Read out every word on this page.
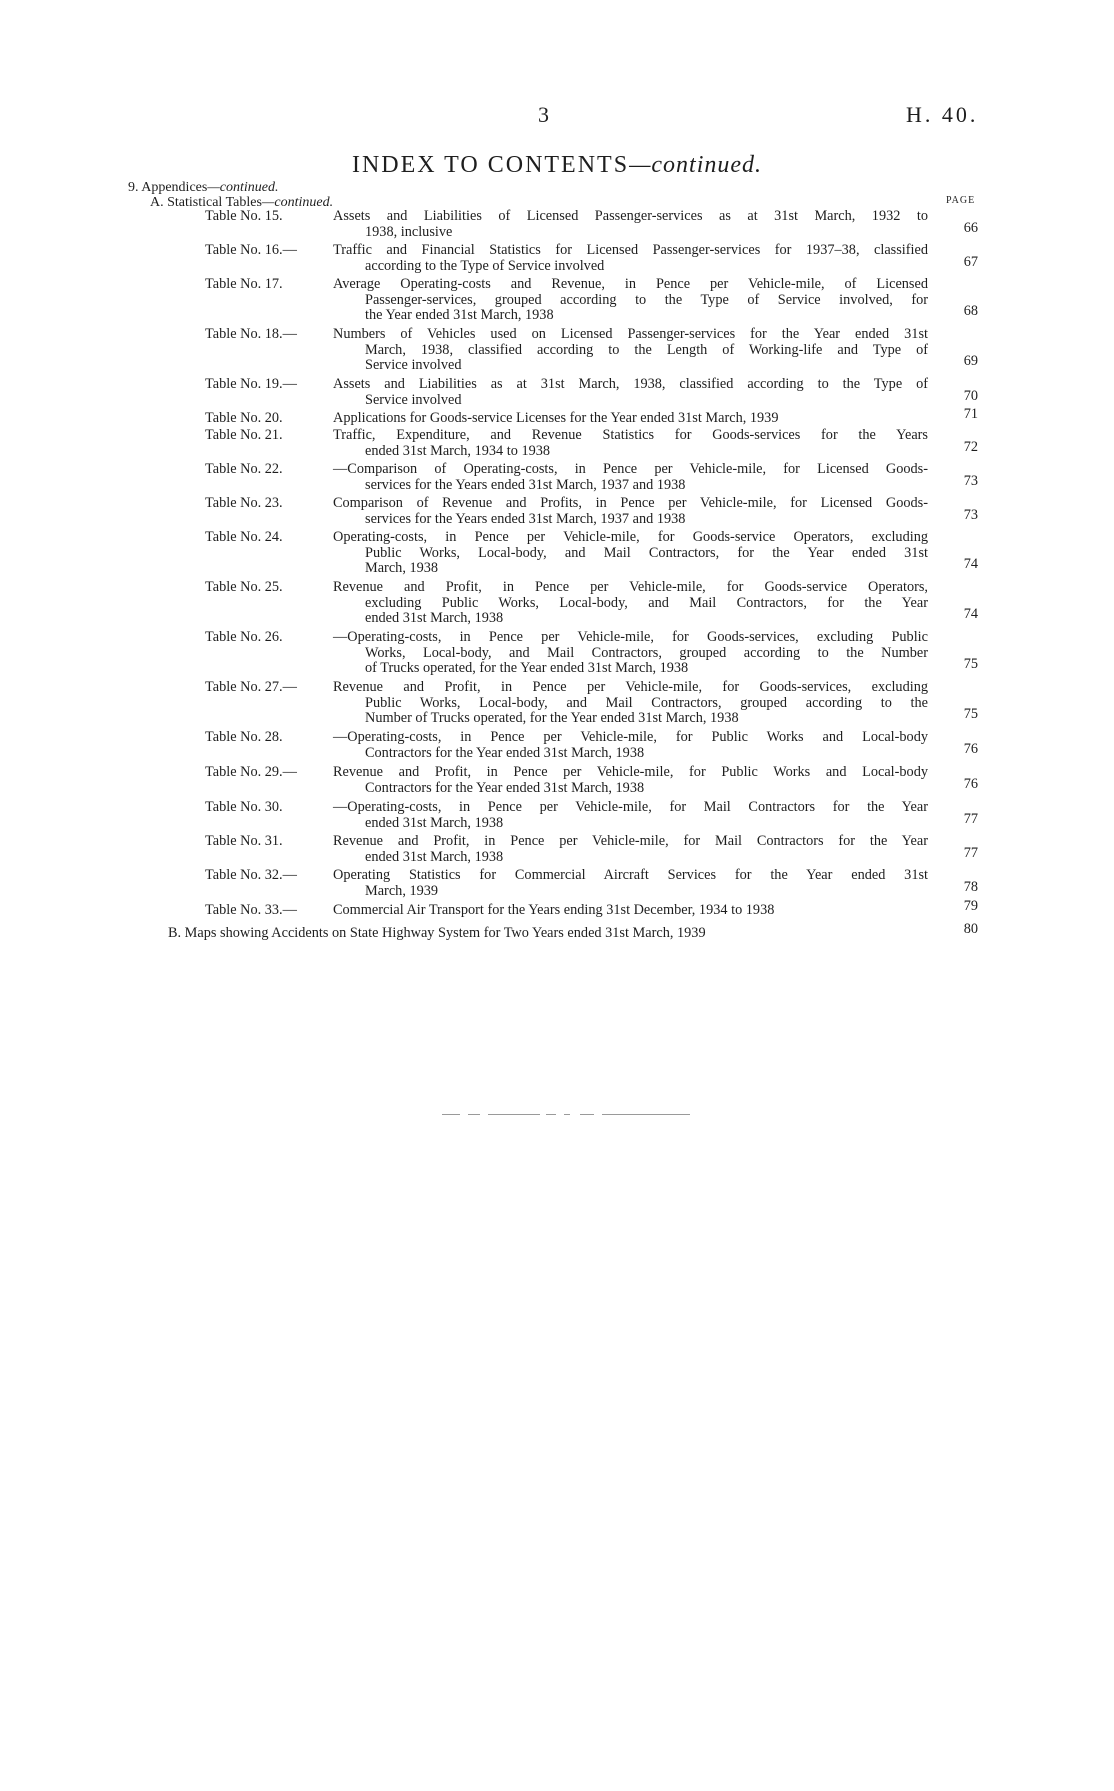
3	H. 40.
INDEX TO CONTENTS—continued.
9. Appendices—continued.
A. Statistical Tables—continued.	PAGE
Table No. 15.	Assets and Liabilities of Licensed Passenger-services as at 31st March, 1932 to
1938, inclusive	66
Table No. 16.—	Traffic and Financial Statistics for Licensed Passenger-services for 1937–38, classified
according to the Type of Service involved	67
Table No. 17.	Average Operating-costs and Revenue, in Pence per Vehicle-mile, of Licensed
Passenger-services, grouped according to the Type of Service involved, for
the Year ended 31st March, 1938	68
Table No. 18.—	Numbers of Vehicles used on Licensed Passenger-services for the Year ended 31st
March, 1938, classified according to the Length of Working-life and Type of
Service involved	69
Table No. 19.—	Assets and Liabilities as at 31st March, 1938, classified according to the Type of
Service involved	70
Table No. 20.	Applications for Goods-service Licenses for the Year ended 31st March, 1939	71
Table No. 21.	Traffic, Expenditure, and Revenue Statistics for Goods-services for the Years
ended 31st March, 1934 to 1938	72
Table No. 22.	—Comparison of Operating-costs, in Pence per Vehicle-mile, for Licensed Goods-
services for the Years ended 31st March, 1937 and 1938	73
Table No. 23.	Comparison of Revenue and Profits, in Pence per Vehicle-mile, for Licensed Goods-
services for the Years ended 31st March, 1937 and 1938	73
Table No. 24.	Operating-costs, in Pence per Vehicle-mile, for Goods-service Operators, excluding
Public Works, Local-body, and Mail Contractors, for the Year ended 31st
March, 1938	74
Table No. 25.	Revenue and Profit, in Pence per Vehicle-mile, for Goods-service Operators,
excluding Public Works, Local-body, and Mail Contractors, for the Year
ended 31st March, 1938	74
Table No. 26.	—Operating-costs, in Pence per Vehicle-mile, for Goods-services, excluding Public
Works, Local-body, and Mail Contractors, grouped according to the Number
of Trucks operated, for the Year ended 31st March, 1938	75
Table No. 27.—	Revenue and Profit, in Pence per Vehicle-mile, for Goods-services, excluding
Public Works, Local-body, and Mail Contractors, grouped according to the
Number of Trucks operated, for the Year ended 31st March, 1938	75
Table No. 28.	—Operating-costs, in Pence per Vehicle-mile, for Public Works and Local-body
Contractors for the Year ended 31st March, 1938	76
Table No. 29.—	Revenue and Profit, in Pence per Vehicle-mile, for Public Works and Local-body
Contractors for the Year ended 31st March, 1938	76
Table No. 30.	—Operating-costs, in Pence per Vehicle-mile, for Mail Contractors for the Year
ended 31st March, 1938	77
Table No. 31.	Revenue and Profit, in Pence per Vehicle-mile, for Mail Contractors for the Year
ended 31st March, 1938	77
Table No. 32.—	Operating Statistics for Commercial Aircraft Services for the Year ended 31st
March, 1939	78
Table No. 33.—	Commercial Air Transport for the Years ending 31st December, 1934 to 1938	79
B. Maps showing Accidents on State Highway System for Two Years ended 31st March, 1939	80
